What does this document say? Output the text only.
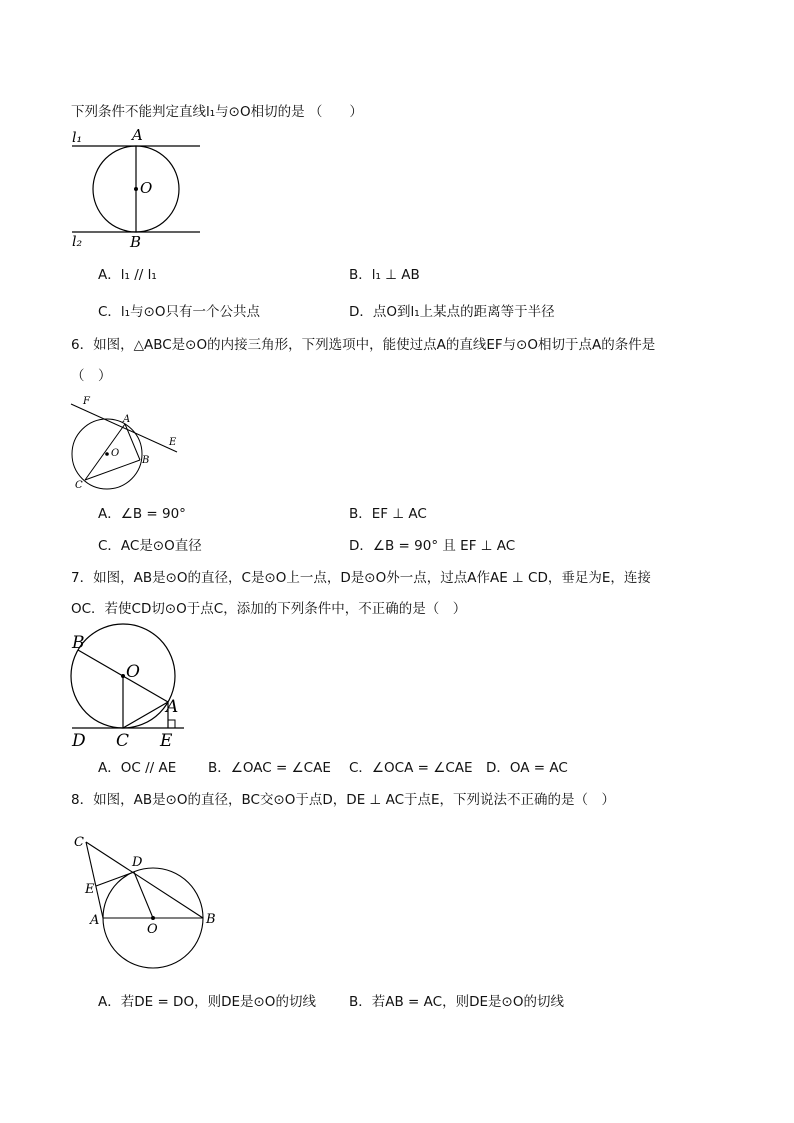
下列条件不能判定直线l₁与⊙O相切的是 （　　）
l₁	A
O
l₂	B
A．l₁ // l₁	B．l₁ ⊥ AB
C．l₁与⊙O只有一个公共点	D．点O到l₁上某点的距离等于半径
6．如图，△ABC是⊙O的内接三角形，下列选项中，能使过点A的直线EF与⊙O相切于点A的条件是
（　）
F
A
E
O
B
C
A．∠B = 90°	B．EF ⊥ AC
C．AC是⊙O直径	D．∠B = 90° 且 EF ⊥ AC
7．如图，AB是⊙O的直径，C是⊙O上一点，D是⊙O外一点，过点A作AE ⊥ CD，垂足为E，连接
OC．若使CD切⊙O于点C，添加的下列条件中，不正确的是（　）
B
O
A
D C E
A．OC // AE B．∠OAC = ∠CAE C．∠OCA = ∠CAE D．OA = AC
8．如图，AB是⊙O的直径，BC交⊙O于点D，DE ⊥ AC于点E，下列说法不正确的是（　）
C
D
E
A
O
B
A．若DE = DO，则DE是⊙O的切线 B．若AB = AC，则DE是⊙O的切线
